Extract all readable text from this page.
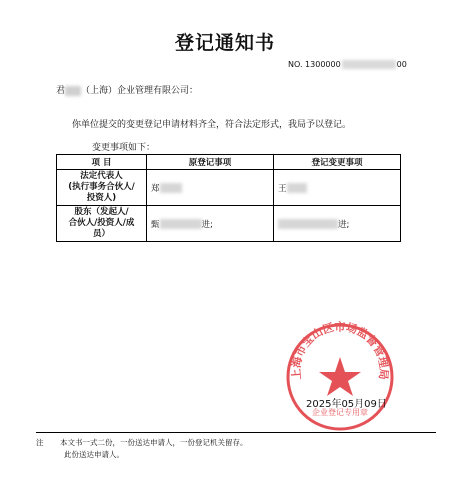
登记通知书
NO. 1300000	00
君 （上海）企业管理有限公司：
你单位提交的变更登记申请材料齐全，符合法定形式，我局予以登记。
变更事项如下：
项 目	原登记事项	登记变更事项
法定代表人
(执行事务合伙人/
投资人)	郑	王
股东（发起人/
合伙人/投资人/成
员）	甄 进;	进;
上海市宝山区市场监督管理局
企业登记专用章
2025年05月09日
注 本文书一式二份，一份送达申请人，一份登记机关留存。
此份送达申请人。
